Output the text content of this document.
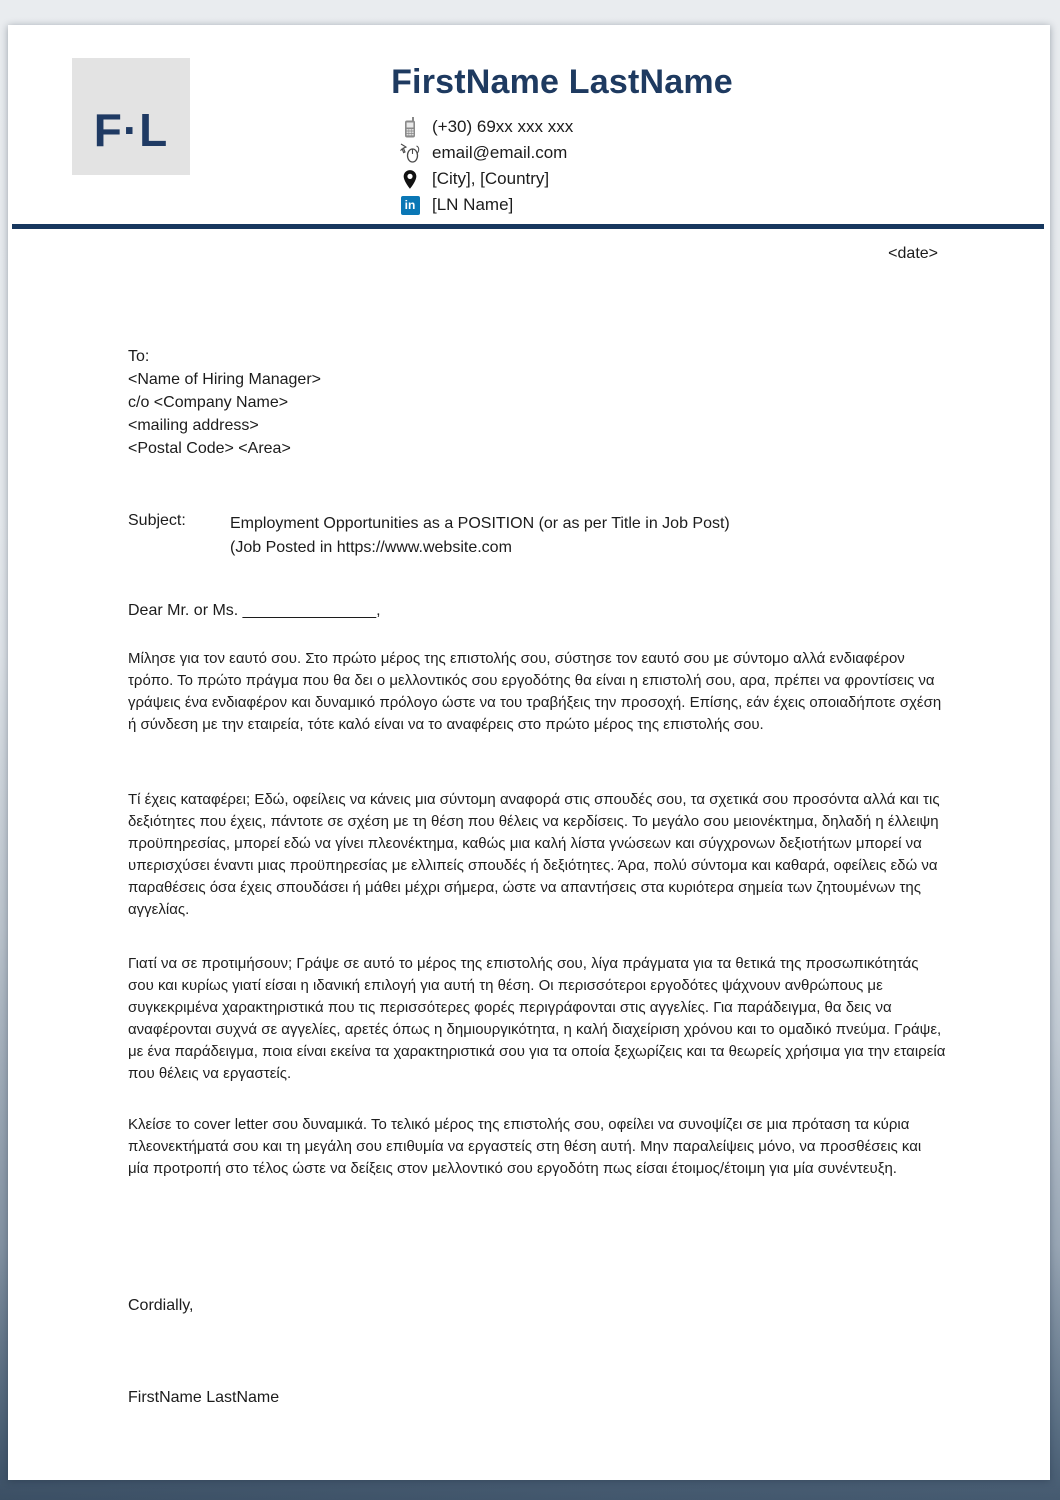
F·L
FirstName LastName
(+30) 69xx xxx xxx
email@email.com
[City], [Country]
in [LN Name]
<date>
To:
<Name of Hiring Manager>
c/o <Company Name>
<mailing address>
<Postal Code> <Area>
Subject:	Employment Opportunities as a POSITION (or as per Title in Job Post)
(Job Posted in https://www.website.com
Dear Mr. or Ms. _______________,

Μίλησε για τον εαυτό σου. Στο πρώτο μέρος της επιστολής σου, σύστησε τον εαυτό σου με σύντομο αλλά ενδιαφέρον τρόπο. Το πρώτο πράγμα που θα δει ο μελλοντικός σου εργοδότης θα είναι η επιστολή σου, αρα, πρέπει να φροντίσεις να γράψεις ένα ενδιαφέρον και δυναμικό πρόλογο ώστε να του τραβήξεις την προσοχή. Επίσης, εάν έχεις οποιαδήποτε σχέση ή σύνδεση με την εταιρεία, τότε καλό είναι να το αναφέρεις στο πρώτο μέρος της επιστολής σου.

Τί έχεις καταφέρει; Εδώ, οφείλεις να κάνεις μια σύντομη αναφορά στις σπουδές σου, τα σχετικά σου προσόντα αλλά και τις δεξιότητες που έχεις, πάντοτε σε σχέση με τη θέση που θέλεις να κερδίσεις. Το μεγάλο σου μειονέκτημα, δηλαδή η έλλειψη προϋπηρεσίας, μπορεί εδώ να γίνει πλεονέκτημα, καθώς μια καλή λίστα γνώσεων και σύγχρονων δεξιοτήτων μπορεί να υπερισχύσει έναντι μιας προϋπηρεσίας με ελλιπείς σπουδές ή δεξιότητες. Άρα, πολύ σύντομα και καθαρά, οφείλεις εδώ να παραθέσεις όσα έχεις σπουδάσει ή μάθει μέχρι σήμερα, ώστε να απαντήσεις στα κυριότερα σημεία των ζητουμένων της αγγελίας.

Γιατί να σε προτιμήσουν; Γράψε σε αυτό το μέρος της επιστολής σου, λίγα πράγματα για τα θετικά της προσωπικότητάς σου και κυρίως γιατί είσαι η ιδανική επιλογή για αυτή τη θέση. Οι περισσότεροι εργοδότες ψάχνουν ανθρώπους με συγκεκριμένα χαρακτηριστικά που τις περισσότερες φορές περιγράφονται στις αγγελίες. Για παράδειγμα, θα δεις να αναφέρονται συχνά σε αγγελίες, αρετές όπως η δημιουργικότητα, η καλή διαχείριση χρόνου και το ομαδικό πνεύμα. Γράψε, με ένα παράδειγμα, ποια είναι εκείνα τα χαρακτηριστικά σου για τα οποία ξεχωρίζεις και τα θεωρείς χρήσιμα για την εταιρεία που θέλεις να εργαστείς.

Κλείσε το cover letter σου δυναμικά. Το τελικό μέρος της επιστολής σου, οφείλει να συνοψίζει σε μια πρόταση τα κύρια πλεονεκτήματά σου και τη μεγάλη σου επιθυμία να εργαστείς στη θέση αυτή. Μην παραλείψεις μόνο, να προσθέσεις και μία προτροπή στο τέλος ώστε να δείξεις στον μελλοντικό σου εργοδότη πως είσαι έτοιμος/έτοιμη για μία συνέντευξη.

Cordially,
FirstName LastName
